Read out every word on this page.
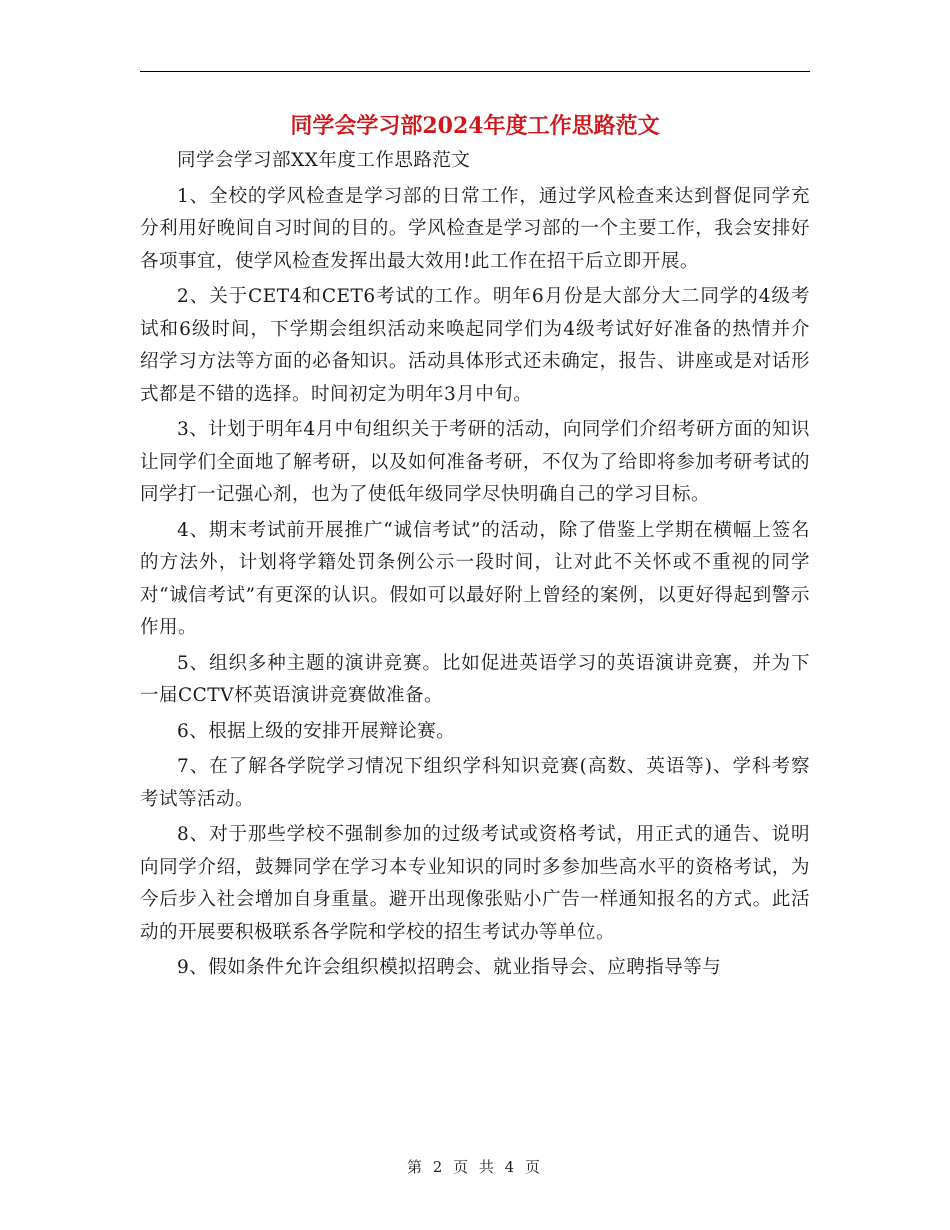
同学会学习部2024年度工作思路范文

同学会学习部XX年度工作思路范文

1、全校的学风检查是学习部的日常工作，通过学风检查来达到督促同学充分利用好晚间自习时间的目的。学风检查是学习部的一个主要工作，我会安排好各项事宜，使学风检查发挥出最大效用!此工作在招干后立即开展。

2、关于CET4和CET6考试的工作。明年6月份是大部分大二同学的4级考试和6级时间，下学期会组织活动来唤起同学们为4级考试好好准备的热情并介绍学习方法等方面的必备知识。活动具体形式还未确定，报告、讲座或是对话形式都是不错的选择。时间初定为明年3月中旬。

3、计划于明年4月中旬组织关于考研的活动，向同学们介绍考研方面的知识让同学们全面地了解考研，以及如何准备考研，不仅为了给即将参加考研考试的同学打一记强心剂，也为了使低年级同学尽快明确自己的学习目标。

4、期末考试前开展推广“诚信考试”的活动，除了借鉴上学期在横幅上签名的方法外，计划将学籍处罚条例公示一段时间，让对此不关怀或不重视的同学对“诚信考试”有更深的认识。假如可以最好附上曾经的案例，以更好得起到警示作用。

5、组织多种主题的演讲竞赛。比如促进英语学习的英语演讲竞赛，并为下一届CCTV杯英语演讲竞赛做准备。

6、根据上级的安排开展辩论赛。

7、在了解各学院学习情况下组织学科知识竞赛(高数、英语等)、学科考察考试等活动。

8、对于那些学校不强制参加的过级考试或资格考试，用正式的通告、说明向同学介绍，鼓舞同学在学习本专业知识的同时多参加些高水平的资格考试，为今后步入社会增加自身重量。避开出现像张贴小广告一样通知报名的方式。此活动的开展要积极联系各学院和学校的招生考试办等单位。

9、假如条件允许会组织模拟招聘会、就业指导会、应聘指导等与

第 2 页 共 4 页
